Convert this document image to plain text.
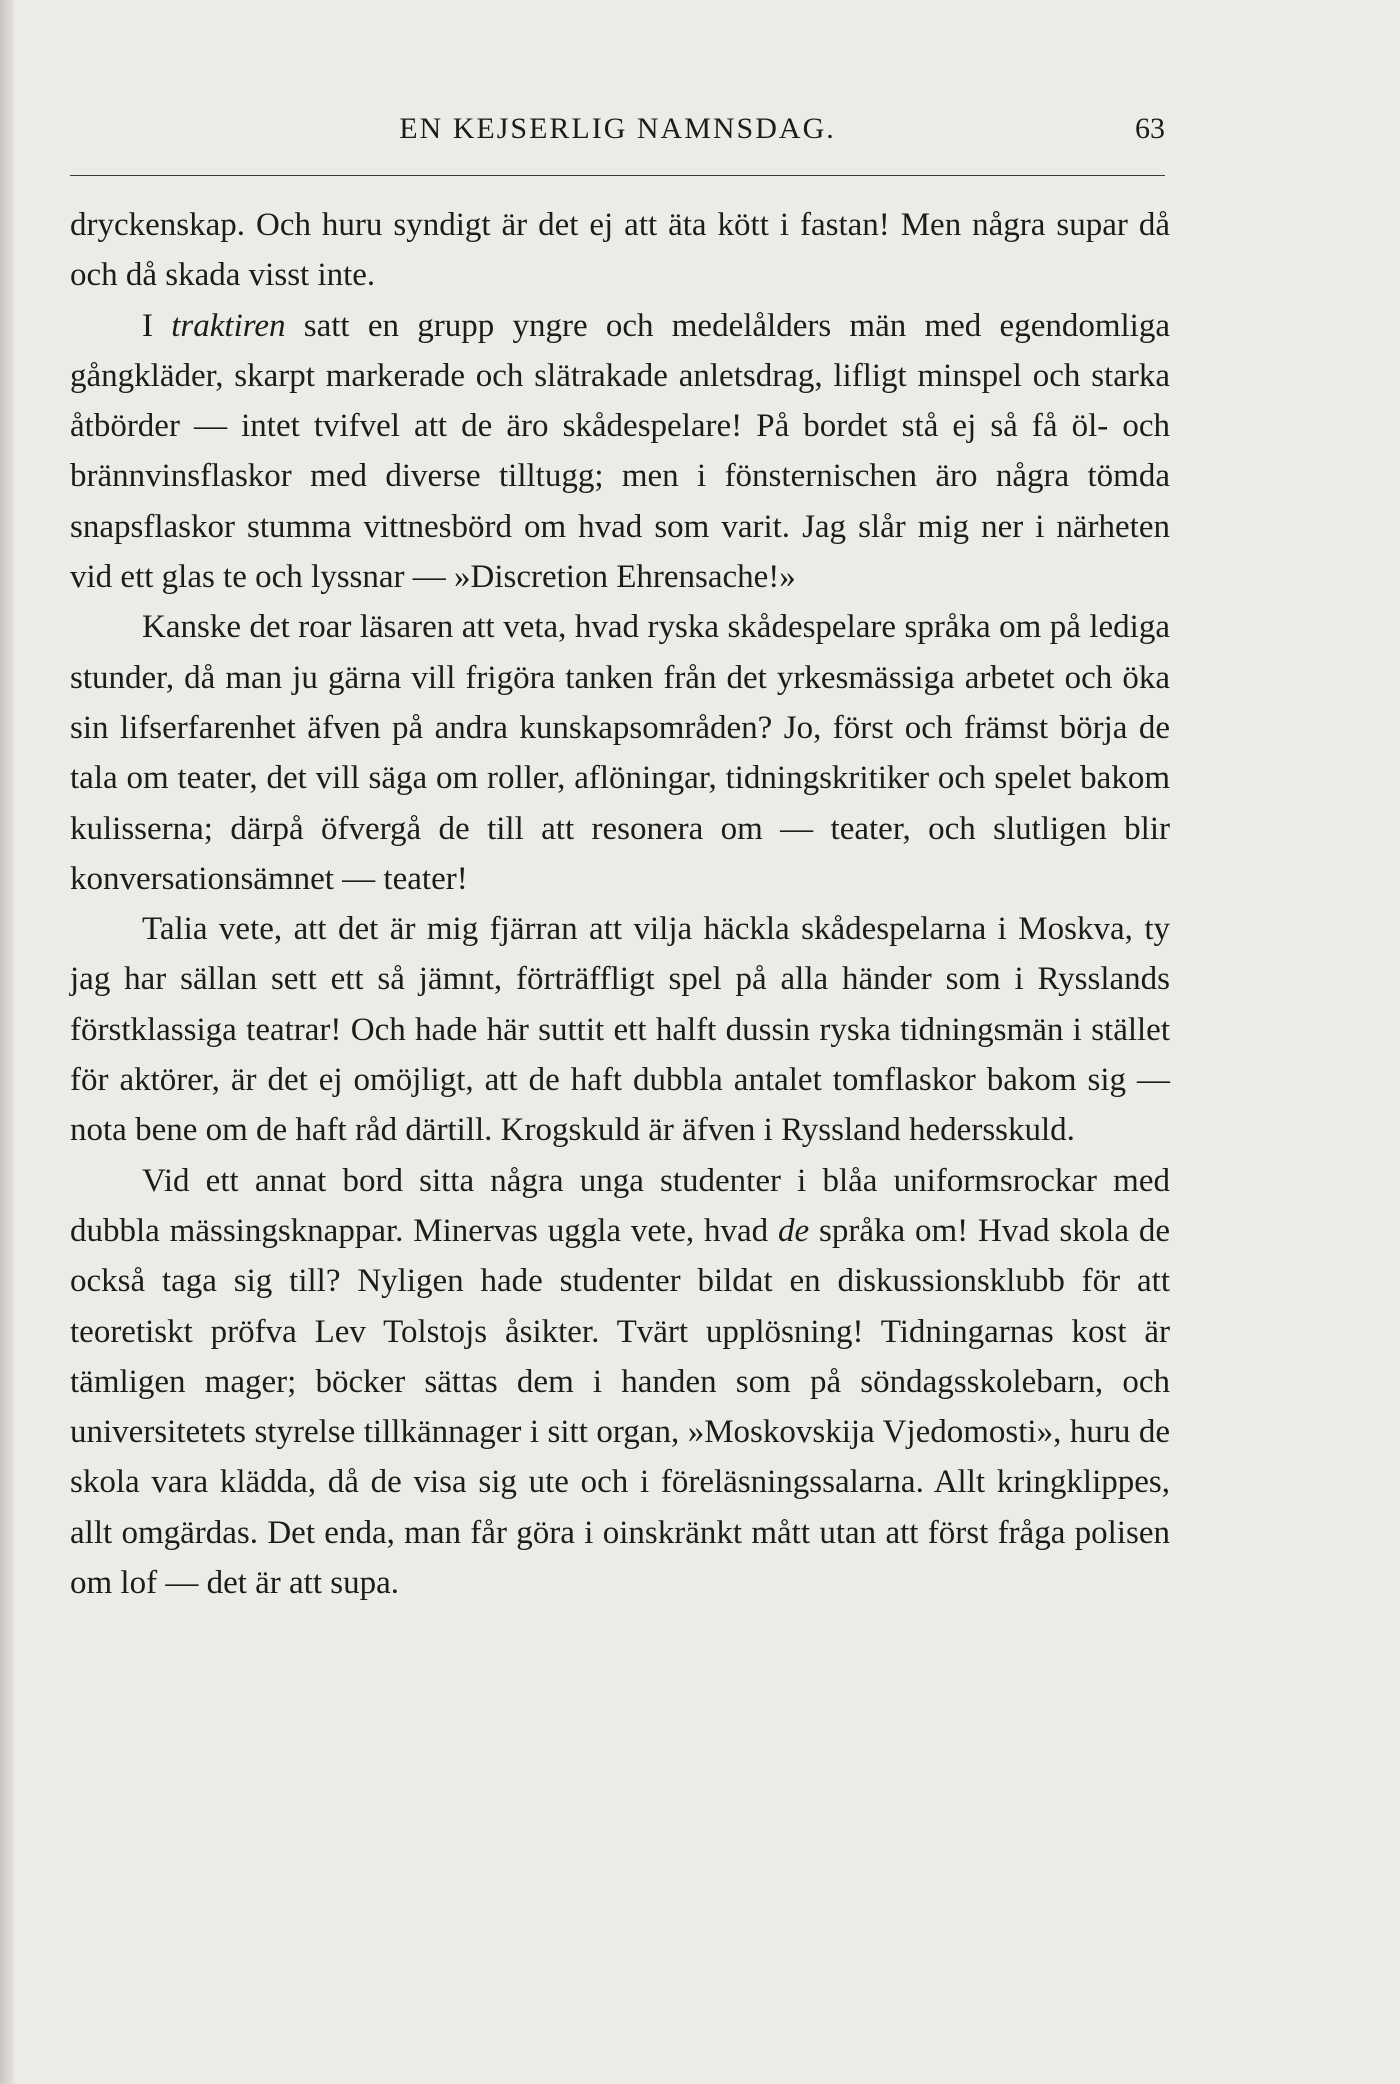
EN KEJSERLIG NAMNSDAG.	63

dryckenskap. Och huru syndigt är det ej att äta kött i fastan! Men några supar då och då skada visst inte.

I traktiren satt en grupp yngre och medelålders män med egendomliga gångkläder, skarpt markerade och slätrakade anletsdrag, lifligt minspel och starka åtbörder — intet tvifvel att de äro skådespelare! På bordet stå ej så få öl- och brännvinsflaskor med diverse tilltugg; men i fönsternischen äro några tömda snapsflaskor stumma vittnesbörd om hvad som varit. Jag slår mig ner i närheten vid ett glas te och lyssnar — »Discretion Ehrensache!»

Kanske det roar läsaren att veta, hvad ryska skådespelare språka om på lediga stunder, då man ju gärna vill frigöra tanken från det yrkesmässiga arbetet och öka sin lifserfarenhet äfven på andra kunskapsområden? Jo, först och främst börja de tala om teater, det vill säga om roller, aflöningar, tidningskritiker och spelet bakom kulisserna; därpå öfvergå de till att resonera om — teater, och slutligen blir konversationsämnet — teater!

Talia vete, att det är mig fjärran att vilja häckla skådespelarna i Moskva, ty jag har sällan sett ett så jämnt, förträffligt spel på alla händer som i Rysslands förstklassiga teatrar! Och hade här suttit ett halft dussin ryska tidningsmän i stället för aktörer, är det ej omöjligt, att de haft dubbla antalet tomflaskor bakom sig — nota bene om de haft råd därtill. Krogskuld är äfven i Ryssland hedersskuld.

Vid ett annat bord sitta några unga studenter i blåa uniformsrockar med dubbla mässingsknappar. Minervas uggla vete, hvad de språka om! Hvad skola de också taga sig till? Nyligen hade studenter bildat en diskussionsklubb för att teoretiskt pröfva Lev Tolstojs åsikter. Tvärt upplösning! Tidningarnas kost är tämligen mager; böcker sättas dem i handen som på söndagsskolebarn, och universitetets styrelse tillkännager i sitt organ, »Moskovskija Vjedomosti», huru de skola vara klädda, då de visa sig ute och i föreläsningssalarna. Allt kringklippes, allt omgärdas. Det enda, man får göra i oinskränkt mått utan att först fråga polisen om lof — det är att supa.
